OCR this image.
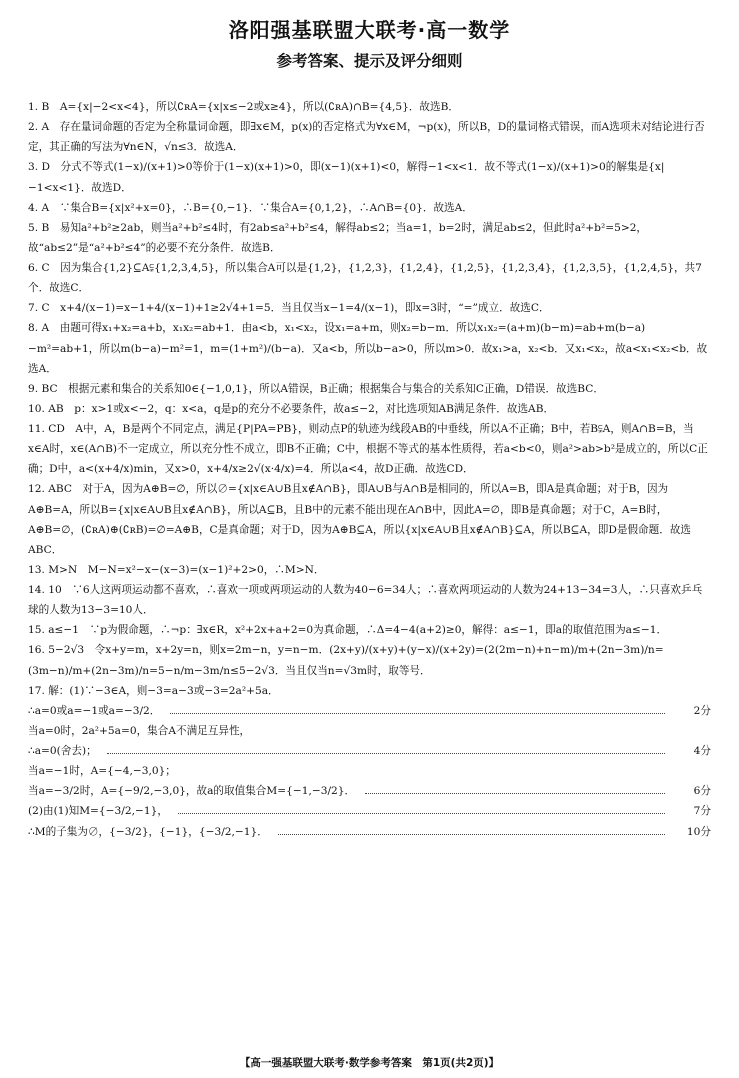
洛阳强基联盟大联考·高一数学
参考答案、提示及评分细则

1. B　A={x|−2<x<4}，所以∁ʀA={x|x≤−2或x≥4}，所以(∁ʀA)∩B={4,5}．故选B．

2. A　存在量词命题的否定为全称量词命题，即∃x∈M，p(x)的否定格式为∀x∈M，¬p(x)，所以B，D的量词格式错误，而A选项未对结论进行否定，其正确的写法为∀n∈N，√n≤3．故选A．

3. D　分式不等式(1−x)/(x+1)>0等价于(1−x)(x+1)>0，即(x−1)(x+1)<0，解得−1<x<1．故不等式(1−x)/(x+1)>0的解集是{x|−1<x<1}．故选D．

4. A　∵集合B={x|x²+x=0}，∴B={0,−1}．∵集合A={0,1,2}，∴A∩B={0}．故选A．

5. B　易知a²+b²≥2ab，则当a²+b²≤4时，有2ab≤a²+b²≤4，解得ab≤2；当a=1，b=2时，满足ab≤2，但此时a²+b²=5>2，故“ab≤2”是“a²+b²≤4”的必要不充分条件．故选B．

6. C　因为集合{1,2}⊆A⫋{1,2,3,4,5}，所以集合A可以是{1,2}，{1,2,3}，{1,2,4}，{1,2,5}，{1,2,3,4}，{1,2,3,5}，{1,2,4,5}，共7个．故选C．

7. C　x+4/(x−1)=x−1+4/(x−1)+1≥2√4+1=5．当且仅当x−1=4/(x−1)，即x=3时，“=”成立．故选C．

8. A　由题可得x₁+x₂=a+b，x₁x₂=ab+1．由a<b，x₁<x₂，设x₁=a+m，则x₂=b−m．所以x₁x₂=(a+m)(b−m)=ab+m(b−a)−m²=ab+1，所以m(b−a)−m²=1，m=(1+m²)/(b−a)．又a<b，所以b−a>0，所以m>0．故x₁>a，x₂<b．又x₁<x₂，故a<x₁<x₂<b．故选A．

9. BC　根据元素和集合的关系知0∈{−1,0,1}，所以A错误，B正确；根据集合与集合的关系知C正确，D错误．故选BC．

10. AB　p：x>1或x<−2，q：x<a，q是p的充分不必要条件，故a≤−2，对比选项知AB满足条件．故选AB．

11. CD　A中，A，B是两个不同定点，满足{P|PA=PB}，则动点P的轨迹为线段AB的中垂线，所以A不正确；B中，若B⫋A，则A∩B=B，当x∈A时，x∈(A∩B)不一定成立，所以充分性不成立，即B不正确；C中，根据不等式的基本性质得，若a<b<0，则a²>ab>b²是成立的，所以C正确；D中，a<(x+4/x)min，又x>0，x+4/x≥2√(x·4/x)=4．所以a<4，故D正确．故选CD．

12. ABC　对于A，因为A⊕B=∅，所以∅={x|x∈A∪B且x∉A∩B}，即A∪B与A∩B是相同的，所以A=B，即A是真命题；对于B，因为A⊕B=A，所以B={x|x∈A∪B且x∉A∩B}，所以A⊆B，且B中的元素不能出现在A∩B中，因此A=∅，即B是真命题；对于C，A=B时，A⊕B=∅，(∁ʀA)⊕(∁ʀB)=∅=A⊕B，C是真命题；对于D，因为A⊕B⊆A，所以{x|x∈A∪B且x∉A∩B}⊆A，所以B⊆A，即D是假命题．故选ABC．

13. M>N　M−N=x²−x−(x−3)=(x−1)²+2>0，∴M>N．

14. 10　∵6人这两项运动都不喜欢，∴喜欢一项或两项运动的人数为40−6=34人；∴喜欢两项运动的人数为24+13−34=3人，∴只喜欢乒乓球的人数为13−3=10人．

15. a≤−1　∵p为假命题，∴¬p：∃x∈R，x²+2x+a+2=0为真命题，∴Δ=4−4(a+2)≥0，解得：a≤−1，即a的取值范围为a≤−1．

16. 5−2√3　令x+y=m，x+2y=n，则x=2m−n，y=n−m．(2x+y)/(x+y)+(y−x)/(x+2y)=(2(2m−n)+n−m)/m+(2n−3m)/n=(3m−n)/m+(2n−3m)/n=5−n/m−3m/n≤5−2√3．当且仅当n=√3m时，取等号．

17. 解：(1)∵−3∈A，则−3=a−3或−3=2a²+5a．
∴a=0或a=−1或a=−3/2．	2分
当a=0时，2a²+5a=0，集合A不满足互异性，
∴a=0(舍去)；	4分
当a=−1时，A={−4,−3,0}；
当a=−3/2时，A={−9/2,−3,0}，故a的取值集合M={−1,−3/2}．	6分
(2)由(1)知M={−3/2,−1}，	7分
∴M的子集为∅，{−3/2}，{−1}，{−3/2,−1}．	10分
【高一强基联盟大联考·数学参考答案　第1页(共2页)】
